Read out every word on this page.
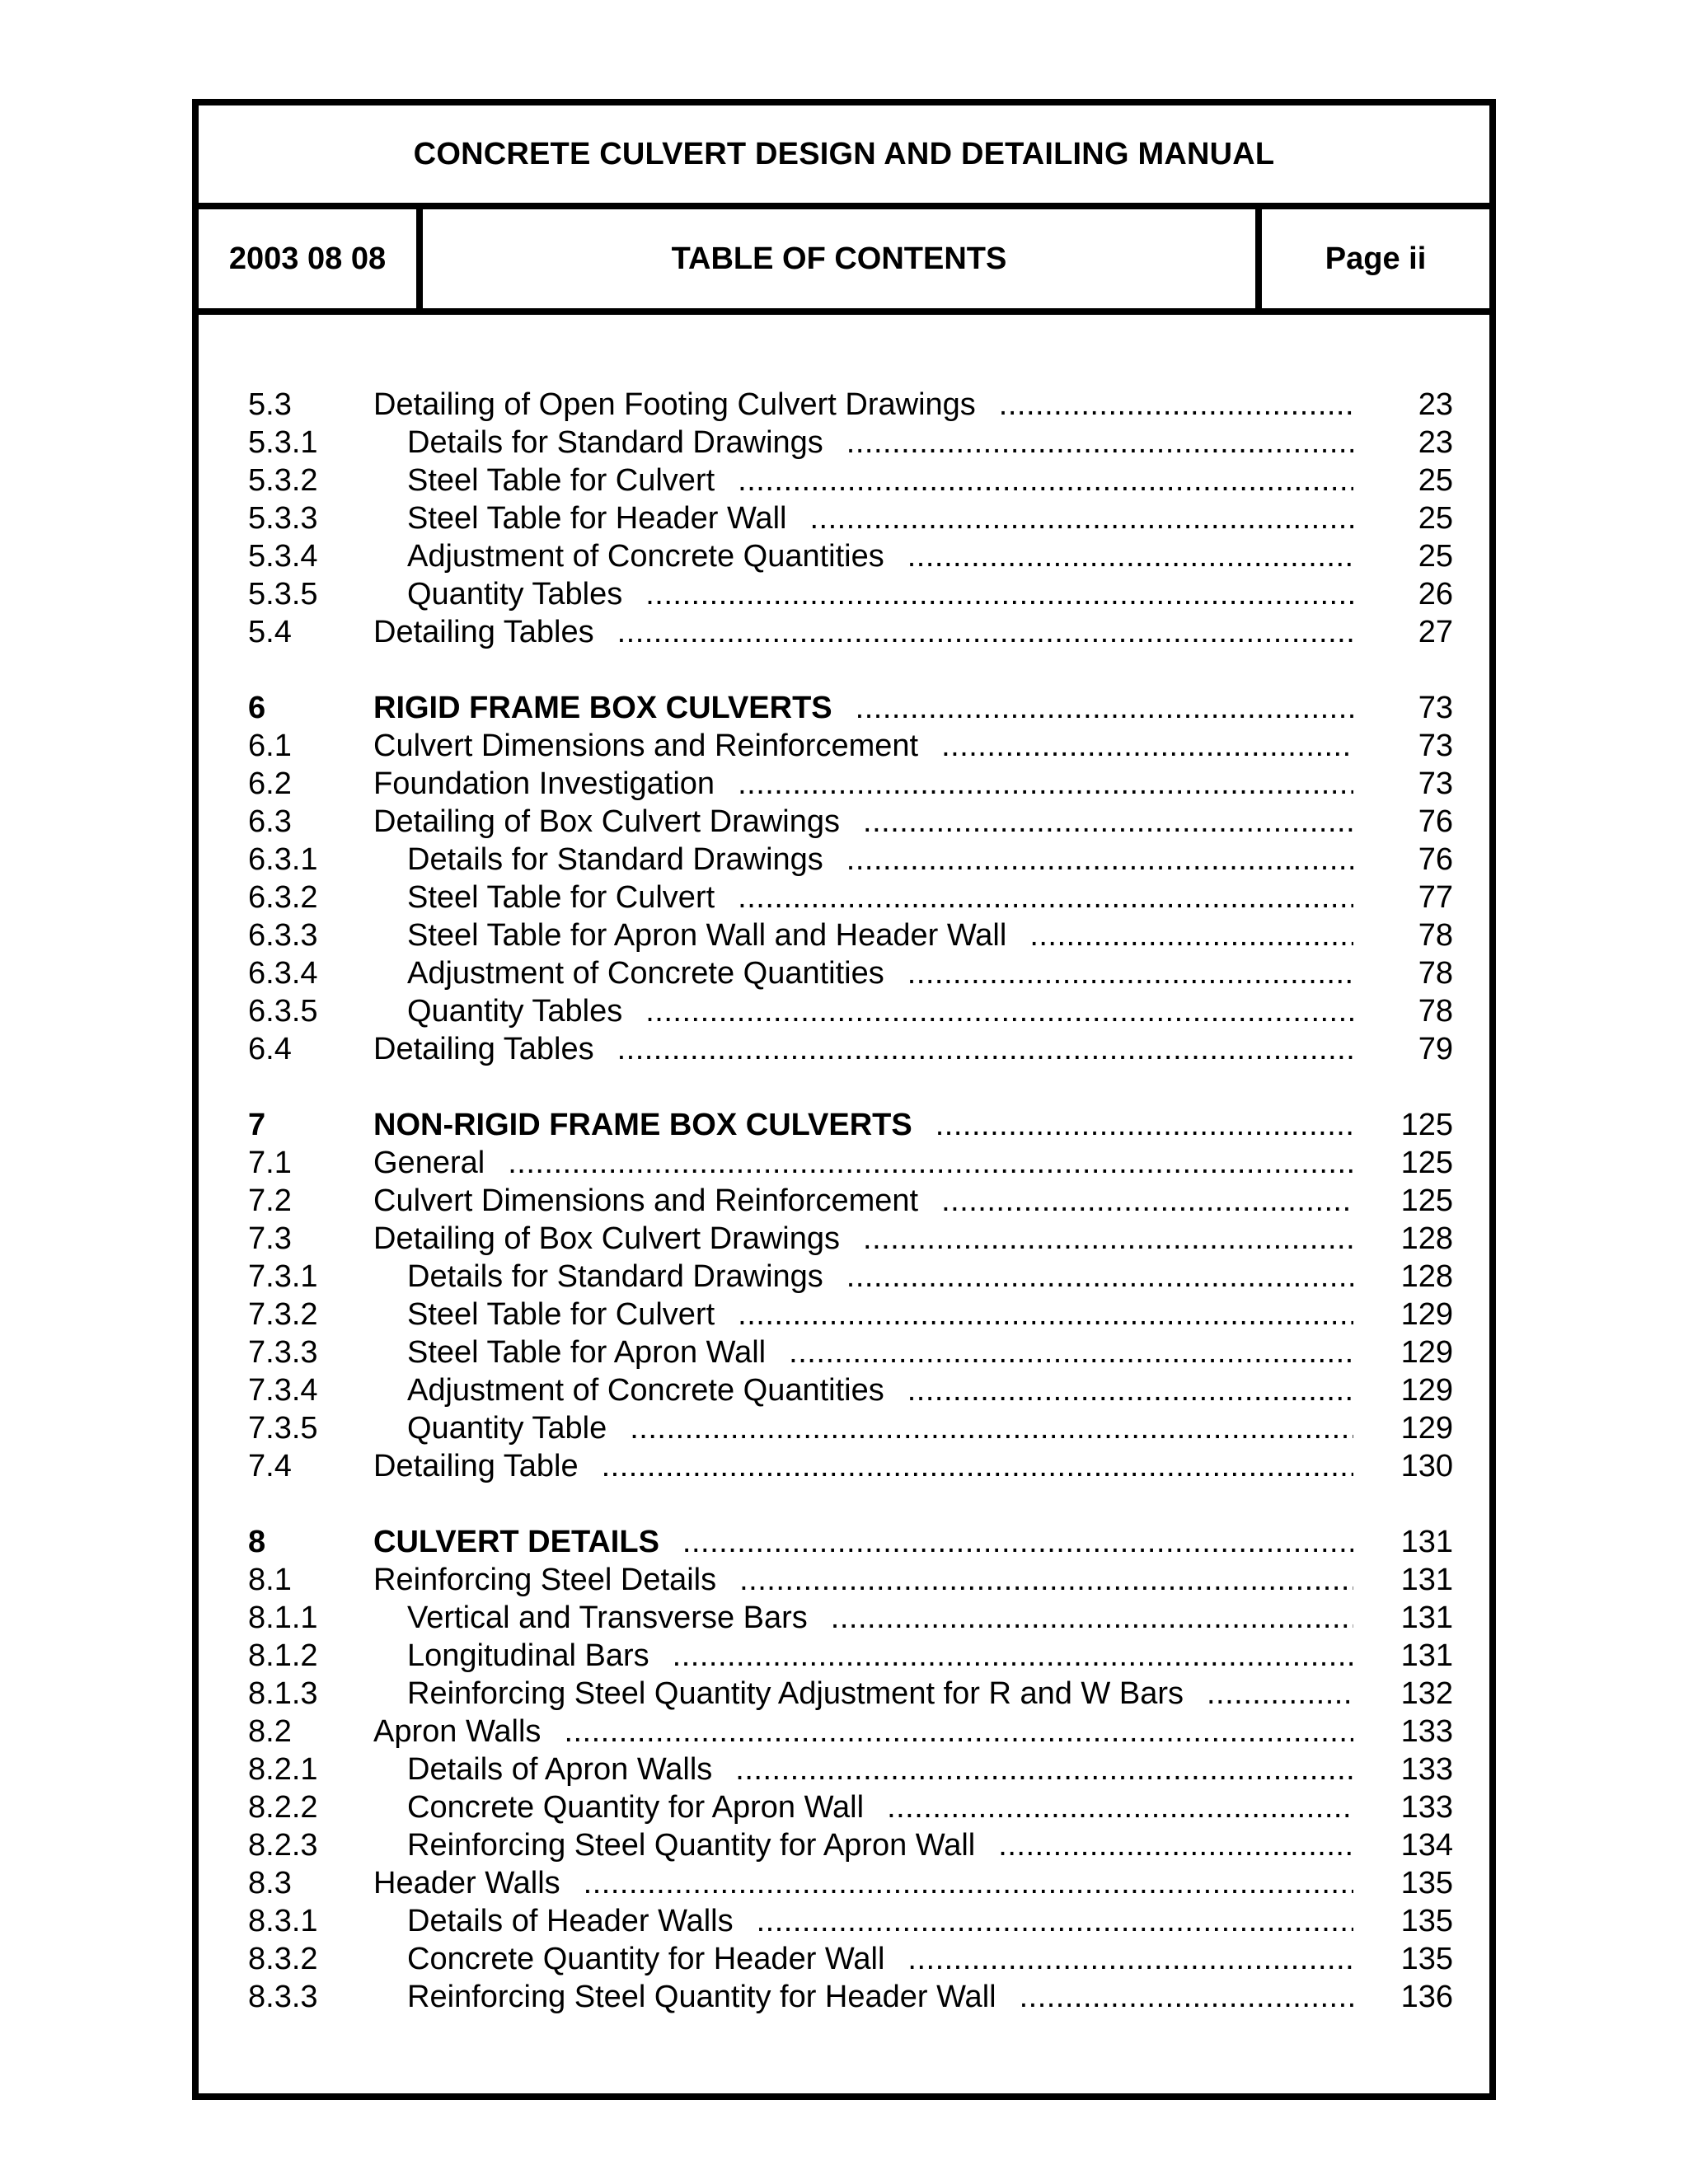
CONCRETE CULVERT DESIGN AND DETAILING MANUAL
2003 08 08	TABLE OF CONTENTS	Page ii
5.3	Detailing of Open Footing Culvert Drawings .....	23
5.3.1	Details for Standard Drawings .....	23
5.3.2	Steel Table for Culvert .....	25
5.3.3	Steel Table for Header Wall .....	25
5.3.4	Adjustment of Concrete Quantities .....	25
5.3.5	Quantity Tables .....	26
5.4	Detailing Tables .....	27
6	RIGID FRAME BOX CULVERTS .....	73
6.1	Culvert Dimensions and Reinforcement .....	73
6.2	Foundation Investigation .....	73
6.3	Detailing of Box Culvert Drawings .....	76
6.3.1	Details for Standard Drawings .....	76
6.3.2	Steel Table for Culvert .....	77
6.3.3	Steel Table for Apron Wall and Header Wall .....	78
6.3.4	Adjustment of Concrete Quantities .....	78
6.3.5	Quantity Tables .....	78
6.4	Detailing Tables .....	79
7	NON-RIGID FRAME BOX CULVERTS .....	125
7.1	General .....	125
7.2	Culvert Dimensions and Reinforcement .....	125
7.3	Detailing of Box Culvert Drawings .....	128
7.3.1	Details for Standard Drawings .....	128
7.3.2	Steel Table for Culvert .....	129
7.3.3	Steel Table for Apron Wall .....	129
7.3.4	Adjustment of Concrete Quantities .....	129
7.3.5	Quantity Table .....	129
7.4	Detailing Table .....	130
8	CULVERT DETAILS .....	131
8.1	Reinforcing Steel Details .....	131
8.1.1	Vertical and Transverse Bars .....	131
8.1.2	Longitudinal Bars .....	131
8.1.3	Reinforcing Steel Quantity Adjustment for R and W Bars .....	132
8.2	Apron Walls .....	133
8.2.1	Details of Apron Walls .....	133
8.2.2	Concrete Quantity for Apron Wall .....	133
8.2.3	Reinforcing Steel Quantity for Apron Wall .....	134
8.3	Header Walls .....	135
8.3.1	Details of Header Walls .....	135
8.3.2	Concrete Quantity for Header Wall .....	135
8.3.3	Reinforcing Steel Quantity for Header Wall .....	136
